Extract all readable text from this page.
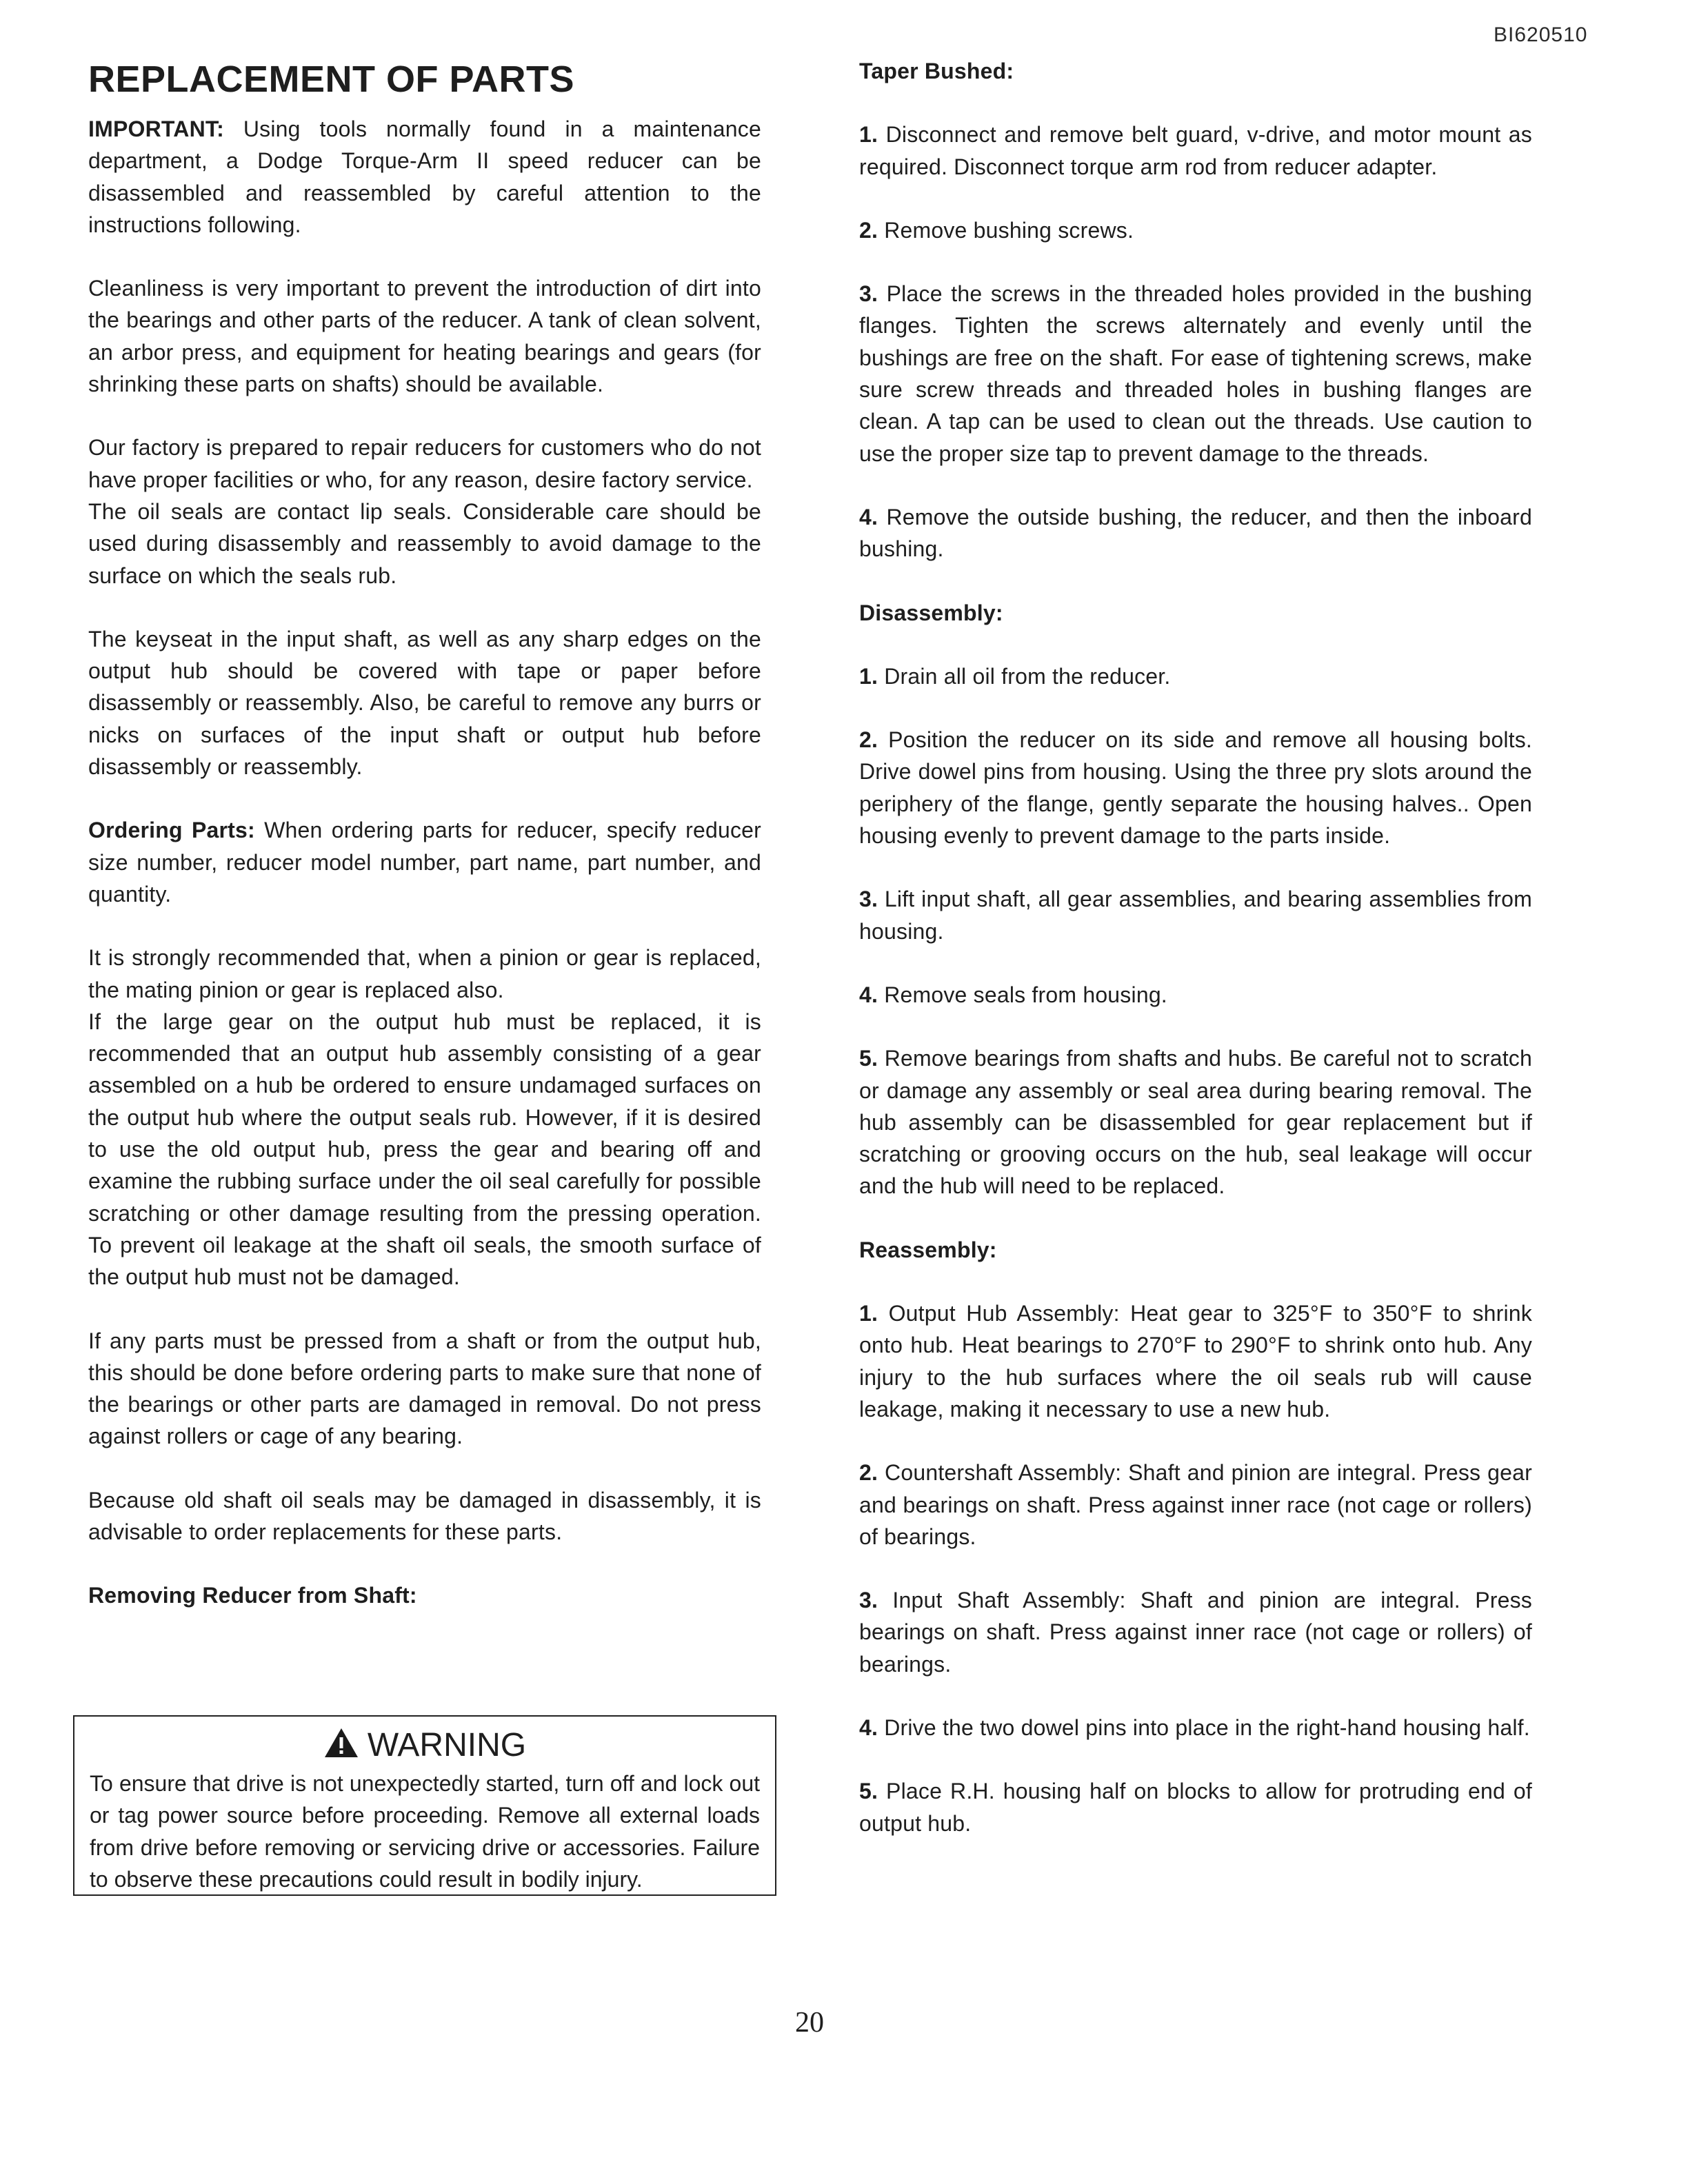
BI620510
REPLACEMENT OF PARTS

IMPORTANT: Using tools normally found in a maintenance department, a Dodge Torque-Arm II speed reducer can be disassembled and reassembled by careful attention to the instructions following.

Cleanliness is very important to prevent the introduction of dirt into the bearings and other parts of the reducer. A tank of clean solvent, an arbor press, and equipment for heating bearings and gears (for shrinking these parts on shafts) should be available.

Our factory is prepared to repair reducers for customers who do not have proper facilities or who, for any reason, desire factory service.

The oil seals are contact lip seals. Considerable care should be used during disassembly and reassembly to avoid damage to the surface on which the seals rub.

The keyseat in the input shaft, as well as any sharp edges on the output hub should be covered with tape or paper before disassembly or reassembly. Also, be careful to remove any burrs or nicks on surfaces of the input shaft or output hub before disassembly or reassembly.

Ordering Parts: When ordering parts for reducer, specify reducer size number, reducer model number, part name, part number, and quantity.

It is strongly recommended that, when a pinion or gear is replaced, the mating pinion or gear is replaced also.

If the large gear on the output hub must be replaced, it is recommended that an output hub assembly consisting of a gear assembled on a hub be ordered to ensure undamaged surfaces on the output hub where the output seals rub. However, if it is desired to use the old output hub, press the gear and bearing off and examine the rubbing surface under the oil seal carefully for possible scratching or other damage resulting from the pressing operation. To prevent oil leakage at the shaft oil seals, the smooth surface of the output hub must not be damaged.

If any parts must be pressed from a shaft or from the output hub, this should be done before ordering parts to make sure that none of the bearings or other parts are damaged in removal. Do not press against rollers or cage of any bearing.

Because old shaft oil seals may be damaged in disassembly, it is advisable to order replacements for these parts.

Removing Reducer from Shaft:
WARNING
To ensure that drive is not unexpectedly started, turn off and lock out or tag power source before proceeding. Remove all external loads from drive before removing or servicing drive or accessories. Failure to observe these precautions could result in bodily injury.
Taper Bushed:

1. Disconnect and remove belt guard, v-drive, and motor mount as required. Disconnect torque arm rod from reducer adapter.

2. Remove bushing screws.

3. Place the screws in the threaded holes provided in the bushing flanges. Tighten the screws alternately and evenly until the bushings are free on the shaft. For ease of tightening screws, make sure screw threads and threaded holes in bushing flanges are clean. A tap can be used to clean out the threads. Use caution to use the proper size tap to prevent damage to the threads.

4. Remove the outside bushing, the reducer, and then the inboard bushing.

Disassembly:

1. Drain all oil from the reducer.

2. Position the reducer on its side and remove all housing bolts. Drive dowel pins from housing. Using the three pry slots around the periphery of the flange, gently separate the housing halves.. Open housing evenly to prevent damage to the parts inside.

3. Lift input shaft, all gear assemblies, and bearing assemblies from housing.

4. Remove seals from housing.

5. Remove bearings from shafts and hubs. Be careful not to scratch or damage any assembly or seal area during bearing removal. The hub assembly can be disassembled for gear replacement but if scratching or grooving occurs on the hub, seal leakage will occur and the hub will need to be replaced.

Reassembly:

1. Output Hub Assembly: Heat gear to 325°F to 350°F to shrink onto hub. Heat bearings to 270°F to 290°F to shrink onto hub. Any injury to the hub surfaces where the oil seals rub will cause leakage, making it necessary to use a new hub.

2. Countershaft Assembly: Shaft and pinion are integral. Press gear and bearings on shaft. Press against inner race (not cage or rollers) of bearings.

3. Input Shaft Assembly: Shaft and pinion are integral. Press bearings on shaft. Press against inner race (not cage or rollers) of bearings.

4. Drive the two dowel pins into place in the right-hand housing half.

5. Place R.H. housing half on blocks to allow for protruding end of output hub.

20
